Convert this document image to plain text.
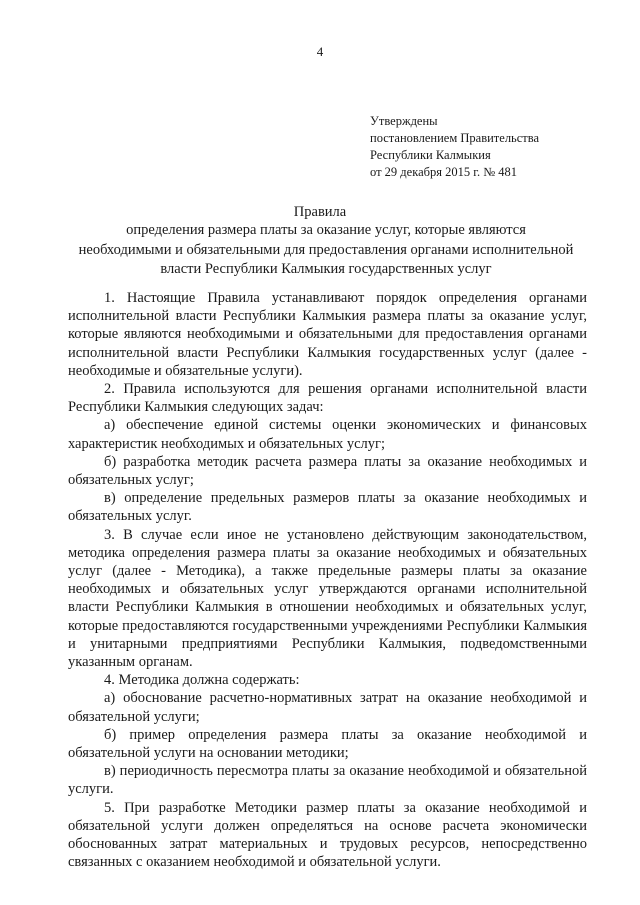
4
Утверждены
постановлением Правительства
Республики Калмыкия
от 29 декабря 2015 г. № 481
Правила
определения размера платы за оказание услуг, которые являются
необходимыми и обязательными для предоставления органами исполнительной
власти Республики Калмыкия государственных услуг

1. Настоящие Правила устанавливают порядок определения органами исполнительной власти Республики Калмыкия размера платы за оказание услуг, которые являются необходимыми и обязательными для предоставления органами исполнительной власти Республики Калмыкия государственных услуг (далее - необходимые и обязательные услуги).

2. Правила используются для решения органами исполнительной власти Республики Калмыкия следующих задач:

а) обеспечение единой системы оценки экономических и финансовых характеристик необходимых и обязательных услуг;

б) разработка методик расчета размера платы за оказание необходимых и обязательных услуг;

в) определение предельных размеров платы за оказание необходимых и обязательных услуг.

3. В случае если иное не установлено действующим законодательством, методика определения размера платы за оказание необходимых и обязательных услуг (далее - Методика), а также предельные размеры платы за оказание необходимых и обязательных услуг утверждаются органами исполнительной власти Республики Калмыкия в отношении необходимых и обязательных услуг, которые предоставляются государственными учреждениями Республики Калмыкия и унитарными предприятиями Республики Калмыкия, подведомственными указанным органам.

4. Методика должна содержать:

а) обоснование расчетно-нормативных затрат на оказание необходимой и обязательной услуги;

б) пример определения размера платы за оказание необходимой и обязательной услуги на основании методики;

в) периодичность пересмотра платы за оказание необходимой и обязательной услуги.

5. При разработке Методики размер платы за оказание необходимой и обязательной услуги должен определяться на основе расчета экономически обоснованных затрат материальных и трудовых ресурсов, непосредственно связанных с оказанием необходимой и обязательной услуги.
